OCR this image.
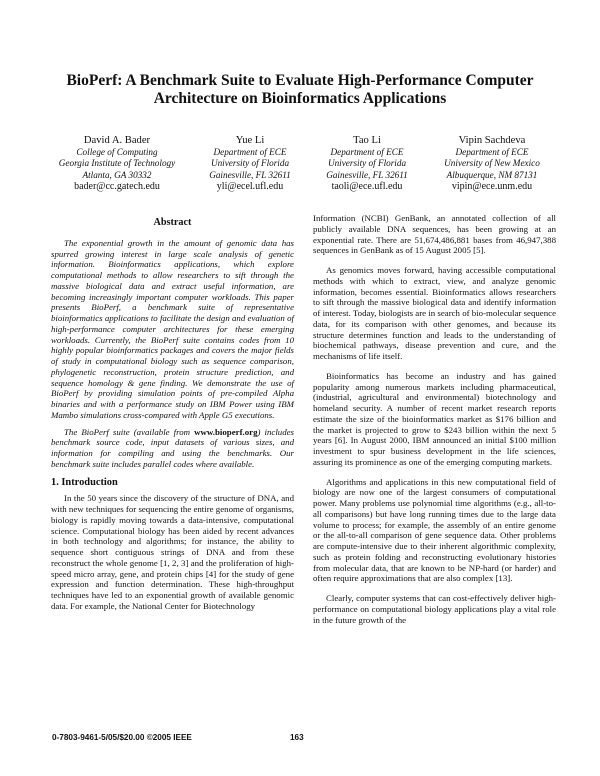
BioPerf: A Benchmark Suite to Evaluate High-Performance Computer Architecture on Bioinformatics Applications
David A. Bader
College of Computing
Georgia Institute of Technology
Atlanta, GA 30332
bader@cc.gatech.edu
Yue Li
Department of ECE
University of Florida
Gainesville, FL 32611
yli@ecel.ufl.edu
Tao Li
Department of ECE
University of Florida
Gainesville, FL 32611
taoli@ece.ufl.edu
Vipin Sachdeva
Department of ECE
University of New Mexico
Albuquerque, NM 87131
vipin@ece.unm.edu
Abstract

The exponential growth in the amount of genomic data has spurred growing interest in large scale analysis of genetic information. Bioinformatics applications, which explore computational methods to allow researchers to sift through the massive biological data and extract useful information, are becoming increasingly important computer workloads. This paper presents BioPerf, a benchmark suite of representative bioinformatics applications to facilitate the design and evaluation of high-performance computer architectures for these emerging workloads. Currently, the BioPerf suite contains codes from 10 highly popular bioinformatics packages and covers the major fields of study in computational biology such as sequence comparison, phylogenetic reconstruction, protein structure prediction, and sequence homology & gene finding. We demonstrate the use of BioPerf by providing simulation points of pre-compiled Alpha binaries and with a performance study on IBM Power using IBM Mambo simulations cross-compared with Apple G5 executions.

The BioPerf suite (available from www.bioperf.org) includes benchmark source code, input datasets of various sizes, and information for compiling and using the benchmarks. Our benchmark suite includes parallel codes where available.

1. Introduction

In the 50 years since the discovery of the structure of DNA, and with new techniques for sequencing the entire genome of organisms, biology is rapidly moving towards a data-intensive, computational science. Computational biology has been aided by recent advances in both technology and algorithms; for instance, the ability to sequence short contiguous strings of DNA and from these reconstruct the whole genome [1, 2, 3] and the proliferation of high-speed micro array, gene, and protein chips [4] for the study of gene expression and function determination. These high-throughput techniques have led to an exponential growth of available genomic data. For example, the National Center for Biotechnology

Information (NCBI) GenBank, an annotated collection of all publicly available DNA sequences, has been growing at an exponential rate. There are 51,674,486,881 bases from 46,947,388 sequences in GenBank as of 15 August 2005 [5].

As genomics moves forward, having accessible computational methods with which to extract, view, and analyze genomic information, becomes essential. Bioinformatics allows researchers to sift through the massive biological data and identify information of interest. Today, biologists are in search of bio-molecular sequence data, for its comparison with other genomes, and because its structure determines function and leads to the understanding of biochemical pathways, disease prevention and cure, and the mechanisms of life itself.

Bioinformatics has become an industry and has gained popularity among numerous markets including pharmaceutical, (industrial, agricultural and environmental) biotechnology and homeland security. A number of recent market research reports estimate the size of the bioinformatics market as $176 billion and the market is projected to grow to $243 billion within the next 5 years [6]. In August 2000, IBM announced an initial $100 million investment to spur business development in the life sciences, assuring its prominence as one of the emerging computing markets.

Algorithms and applications in this new computational field of biology are now one of the largest consumers of computational power. Many problems use polynomial time algorithms (e.g., all-to-all comparisons) but have long running times due to the large data volume to process; for example, the assembly of an entire genome or the all-to-all comparison of gene sequence data. Other problems are compute-intensive due to their inherent algorithmic complexity, such as protein folding and reconstructing evolutionary histories from molecular data, that are known to be NP-hard (or harder) and often require approximations that are also complex [13].

Clearly, computer systems that can cost-effectively deliver high-performance on computational biology applications play a vital role in the future growth of the

0-7803-9461-5/05/$20.00 ©2005 IEEE	163
